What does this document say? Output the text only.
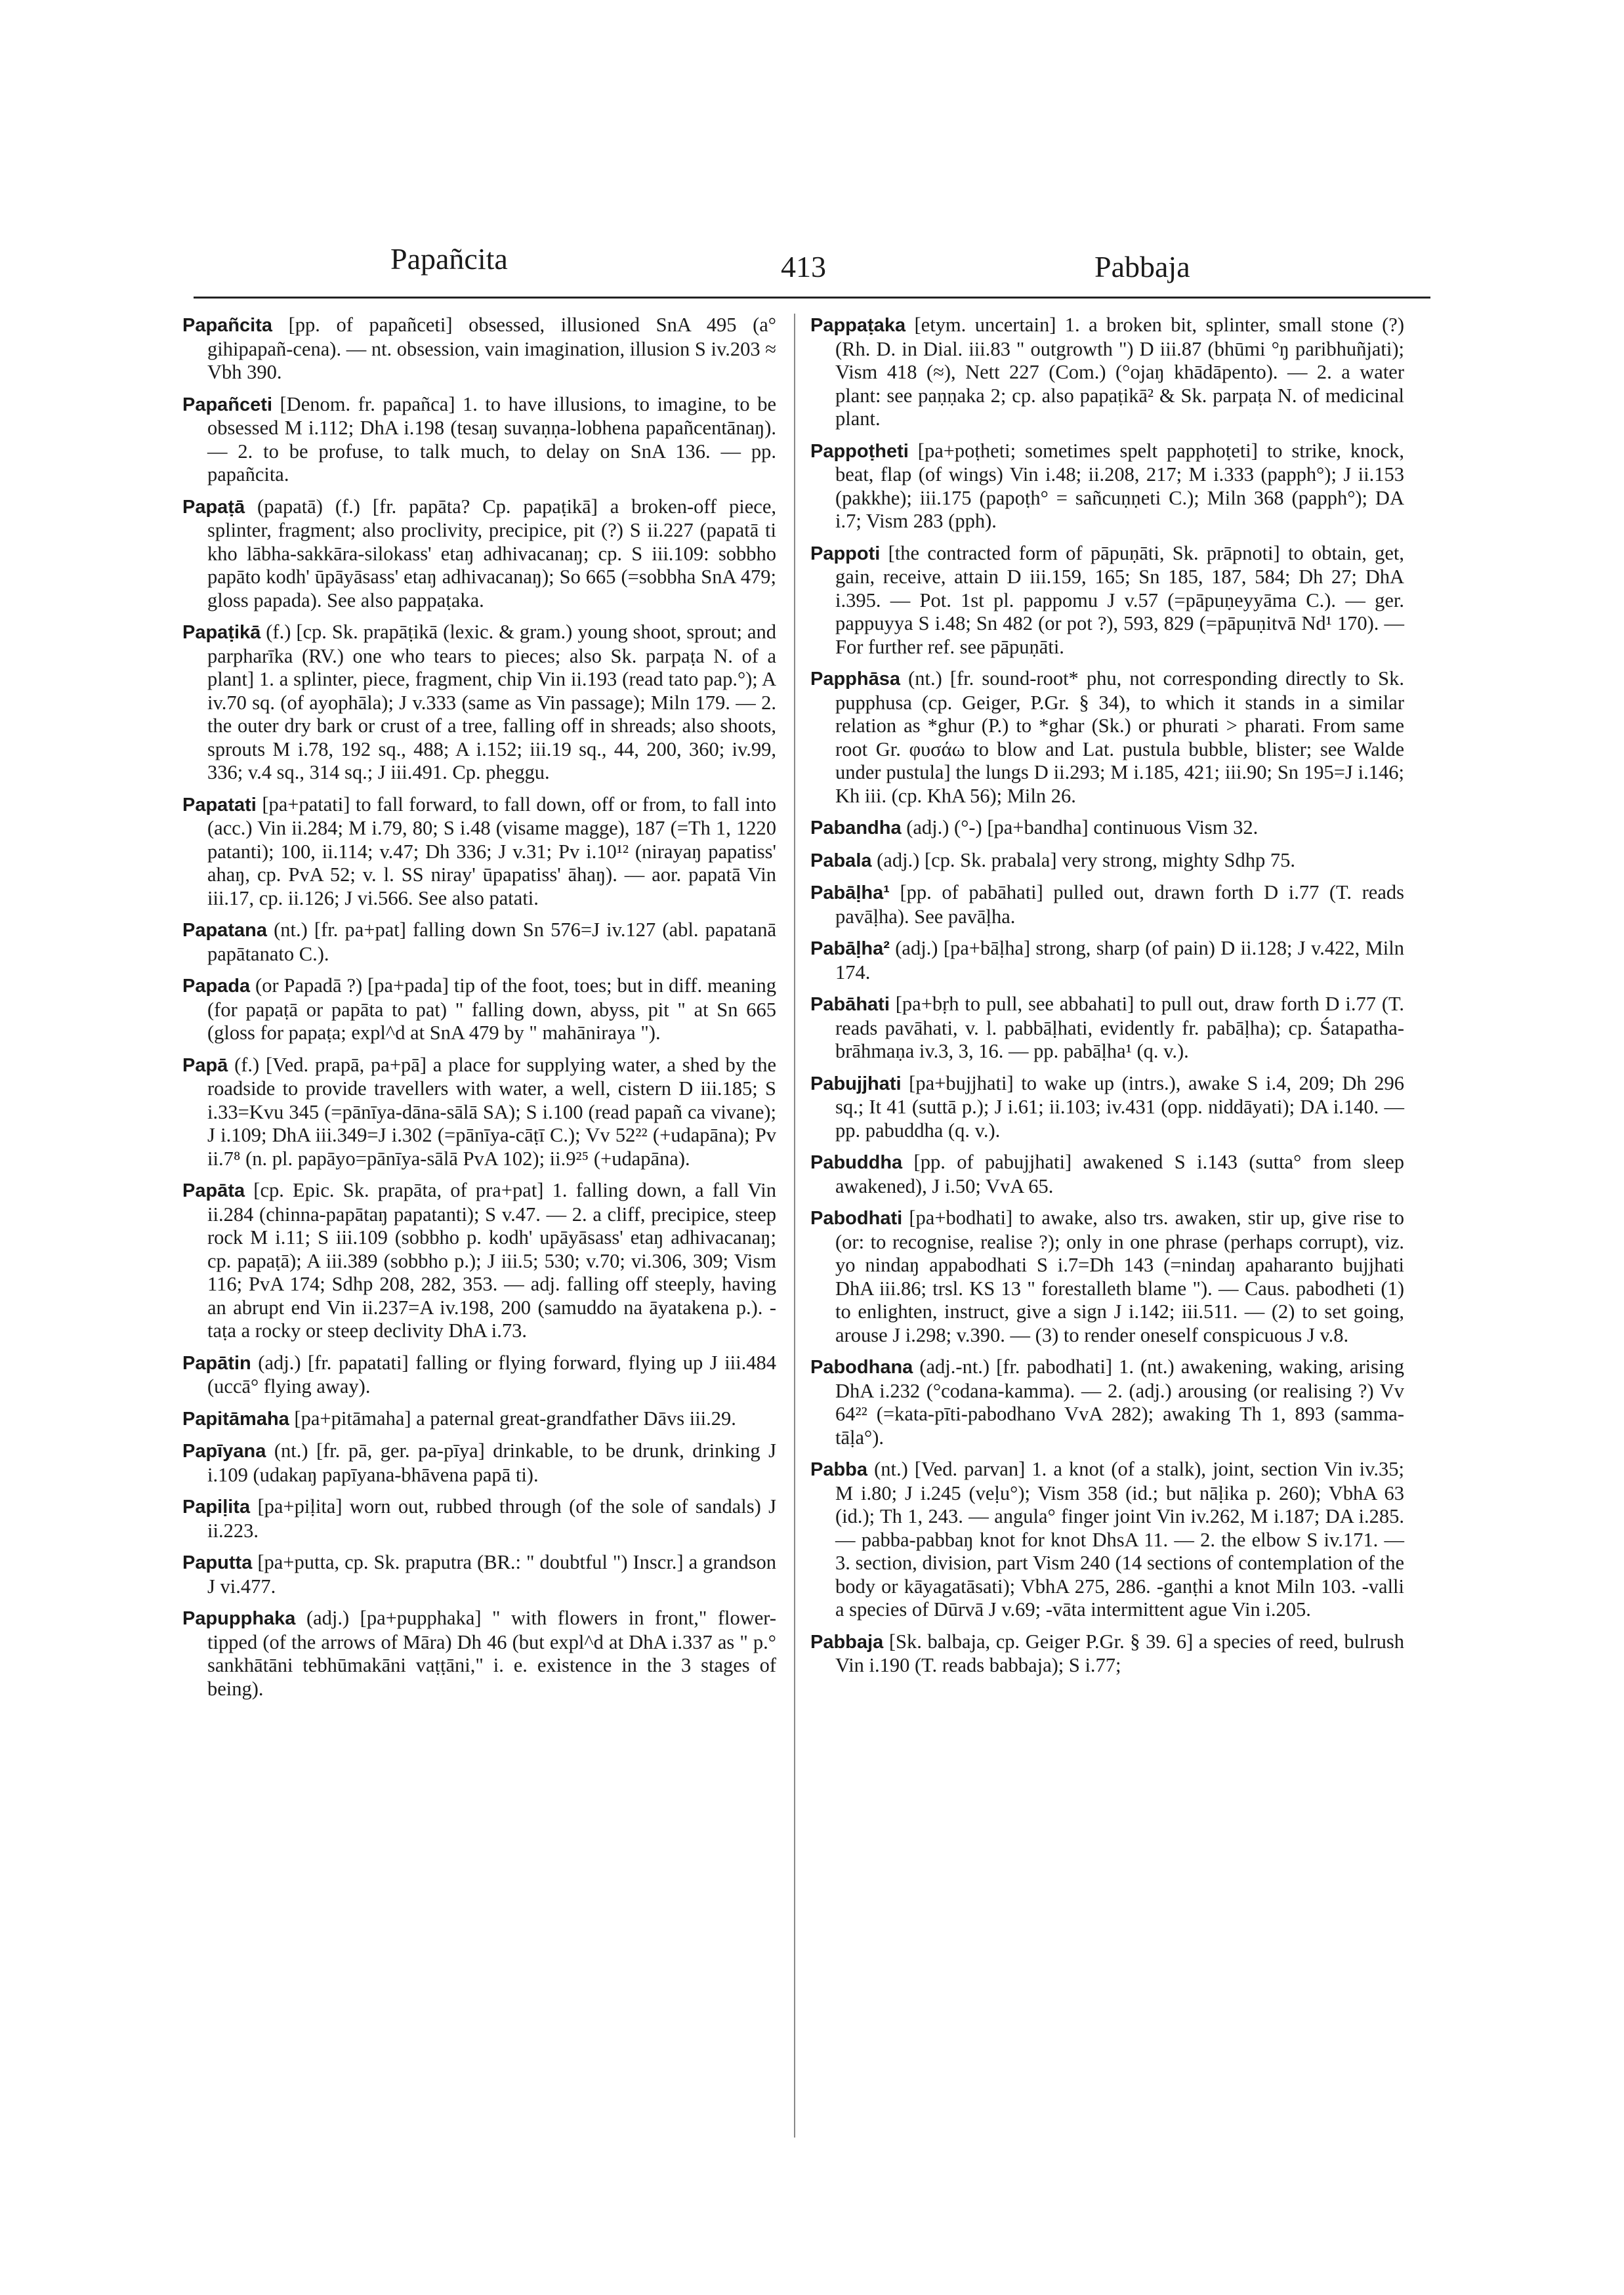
Papañcita	413	Pabbaja

Papañcita [pp. of papañceti] obsessed, illusioned SnA 495 (a° gihipapañ-cena). — nt. obsession, vain imagination, illusion S iv.203 ≈ Vbh 390.

Papañceti [Denom. fr. papañca] 1. to have illusions, to imagine, to be obsessed M i.112; DhA i.198 (tesaŋ suvaṇṇa-lobhena papañcentānaŋ). — 2. to be profuse, to talk much, to delay on SnA 136. — pp. papañcita.

Papaṭā (papatā) (f.) [fr. papāta? Cp. papaṭikā] a broken-off piece, splinter, fragment; also proclivity, precipice, pit (?) S ii.227 (papatā ti kho lābha-sakkāra-silokass' etaŋ adhivacanaŋ; cp. S iii.109: sobbho papāto kodh' ūpāyāsass' etaŋ adhivacanaŋ); So 665 (=sobbha SnA 479; gloss papada). See also pappaṭaka.

Papaṭikā (f.) [cp. Sk. prapāṭikā (lexic. & gram.) young shoot, sprout; and parpharīka (RV.) one who tears to pieces; also Sk. parpaṭa N. of a plant] 1. a splinter, piece, fragment, chip Vin ii.193 (read tato pap.°); A iv.70 sq. (of ayophāla); J v.333 (same as Vin passage); Miln 179. — 2. the outer dry bark or crust of a tree, falling off in shreads; also shoots, sprouts M i.78, 192 sq., 488; A i.152; iii.19 sq., 44, 200, 360; iv.99, 336; v.4 sq., 314 sq.; J iii.491. Cp. pheggu.

Papatati [pa+patati] to fall forward, to fall down, off or from, to fall into (acc.) Vin ii.284; M i.79, 80; S i.48 (visame magge), 187 (=Th 1, 1220 patanti); 100, ii.114; v.47; Dh 336; J v.31; Pv i.10¹² (nirayaŋ papatiss' ahaŋ, cp. PvA 52; v. l. SS niray' ūpapatiss' āhaŋ). — aor. papatā Vin iii.17, cp. ii.126; J vi.566. See also patati.

Papatana (nt.) [fr. pa+pat] falling down Sn 576=J iv.127 (abl. papatanā papātanato C.).

Papada (or Papadā ?) [pa+pada] tip of the foot, toes; but in diff. meaning (for papaṭā or papāta to pat) " falling down, abyss, pit " at Sn 665 (gloss for papaṭa; expl^d at SnA 479 by " mahāniraya ").

Papā (f.) [Ved. prapā, pa+pā] a place for supplying water, a shed by the roadside to provide travellers with water, a well, cistern D iii.185; S i.33=Kvu 345 (=pānīya-dāna-sālā SA); S i.100 (read papañ ca vivane); J i.109; DhA iii.349=J i.302 (=pānīya-cāṭī C.); Vv 52²² (+udapāna); Pv ii.7⁸ (n. pl. papāyo=pānīya-sālā PvA 102); ii.9²⁵ (+udapāna).

Papāta [cp. Epic. Sk. prapāta, of pra+pat] 1. falling down, a fall Vin ii.284 (chinna-papātaŋ papatanti); S v.47. — 2. a cliff, precipice, steep rock M i.11; S iii.109 (sobbho p. kodh' upāyāsass' etaŋ adhivacanaŋ; cp. papaṭā); A iii.389 (sobbho p.); J iii.5; 530; v.70; vi.306, 309; Vism 116; PvA 174; Sdhp 208, 282, 353. — adj. falling off steeply, having an abrupt end Vin ii.237=A iv.198, 200 (samuddo na āyatakena p.). -taṭa a rocky or steep declivity DhA i.73.

Papātin (adj.) [fr. papatati] falling or flying forward, flying up J iii.484 (uccā° flying away).

Papitāmaha [pa+pitāmaha] a paternal great-grandfather Dāvs iii.29.

Papīyana (nt.) [fr. pā, ger. pa-pīya] drinkable, to be drunk, drinking J i.109 (udakaŋ papīyana-bhāvena papā ti).

Papiḷita [pa+piḷita] worn out, rubbed through (of the sole of sandals) J ii.223.

Paputta [pa+putta, cp. Sk. praputra (BR.: " doubtful ") Inscr.] a grandson J vi.477.

Papupphaka (adj.) [pa+pupphaka] " with flowers in front," flower-tipped (of the arrows of Māra) Dh 46 (but expl^d at DhA i.337 as " p.° sankhātāni tebhūmakāni vaṭṭāni," i. e. existence in the 3 stages of being).

Pappaṭaka [etym. uncertain] 1. a broken bit, splinter, small stone (?) (Rh. D. in Dial. iii.83 " outgrowth ") D iii.87 (bhūmi °ŋ paribhuñjati); Vism 418 (≈), Nett 227 (Com.) (°ojaŋ khādāpento). — 2. a water plant: see paṇṇaka 2; cp. also papaṭikā² & Sk. parpaṭa N. of medicinal plant.

Pappoṭheti [pa+poṭheti; sometimes spelt papphoṭeti] to strike, knock, beat, flap (of wings) Vin i.48; ii.208, 217; M i.333 (papph°); J ii.153 (pakkhe); iii.175 (papoṭh° = sañcuṇṇeti C.); Miln 368 (papph°); DA i.7; Vism 283 (pph).

Pappoti [the contracted form of pāpuṇāti, Sk. prāpnoti] to obtain, get, gain, receive, attain D iii.159, 165; Sn 185, 187, 584; Dh 27; DhA i.395. — Pot. 1st pl. pappomu J v.57 (=pāpuṇeyyāma C.). — ger. pappuyya S i.48; Sn 482 (or pot ?), 593, 829 (=pāpuṇitvā Nd¹ 170). — For further ref. see pāpuṇāti.

Papphāsa (nt.) [fr. sound-root* phu, not corresponding directly to Sk. pupphusa (cp. Geiger, P.Gr. § 34), to which it stands in a similar relation as *ghur (P.) to *ghar (Sk.) or phurati > pharati. From same root Gr. φυσάω to blow and Lat. pustula bubble, blister; see Walde under pustula] the lungs D ii.293; M i.185, 421; iii.90; Sn 195=J i.146; Kh iii. (cp. KhA 56); Miln 26.

Pabandha (adj.) (°-) [pa+bandha] continuous Vism 32.

Pabala (adj.) [cp. Sk. prabala] very strong, mighty Sdhp 75.

Pabāḷha¹ [pp. of pabāhati] pulled out, drawn forth D i.77 (T. reads pavāḷha). See pavāḷha.

Pabāḷha² (adj.) [pa+bāḷha] strong, sharp (of pain) D ii.128; J v.422, Miln 174.

Pabāhati [pa+bṛh to pull, see abbahati] to pull out, draw forth D i.77 (T. reads pavāhati, v. l. pabbāḷhati, evidently fr. pabāḷha); cp. Śatapatha-brāhmaṇa iv.3, 3, 16. — pp. pabāḷha¹ (q. v.).

Pabujjhati [pa+bujjhati] to wake up (intrs.), awake S i.4, 209; Dh 296 sq.; It 41 (suttā p.); J i.61; ii.103; iv.431 (opp. niddāyati); DA i.140. — pp. pabuddha (q. v.).

Pabuddha [pp. of pabujjhati] awakened S i.143 (sutta° from sleep awakened), J i.50; VvA 65.

Pabodhati [pa+bodhati] to awake, also trs. awaken, stir up, give rise to (or: to recognise, realise ?); only in one phrase (perhaps corrupt), viz. yo nindaŋ appabodhati S i.7=Dh 143 (=nindaŋ apaharanto bujjhati DhA iii.86; trsl. KS 13 " forestalleth blame "). — Caus. pabodheti (1) to enlighten, instruct, give a sign J i.142; iii.511. — (2) to set going, arouse J i.298; v.390. — (3) to render oneself conspicuous J v.8.

Pabodhana (adj.-nt.) [fr. pabodhati] 1. (nt.) awakening, waking, arising DhA i.232 (°codana-kamma). — 2. (adj.) arousing (or realising ?) Vv 64²² (=kata-pīti-pabodhano VvA 282); awaking Th 1, 893 (samma-tāḷa°).

Pabba (nt.) [Ved. parvan] 1. a knot (of a stalk), joint, section Vin iv.35; M i.80; J i.245 (veḷu°); Vism 358 (id.; but nāḷika p. 260); VbhA 63 (id.); Th 1, 243. — angula° finger joint Vin iv.262, M i.187; DA i.285. — pabba-pabbaŋ knot for knot DhsA 11. — 2. the elbow S iv.171. — 3. section, division, part Vism 240 (14 sections of contemplation of the body or kāyagatāsati); VbhA 275, 286. -ganṭhi a knot Miln 103. -valli a species of Dūrvā J v.69; -vāta intermittent ague Vin i.205.

Pabbaja [Sk. balbaja, cp. Geiger P.Gr. § 39. 6] a species of reed, bulrush Vin i.190 (T. reads babbaja); S i.77;
